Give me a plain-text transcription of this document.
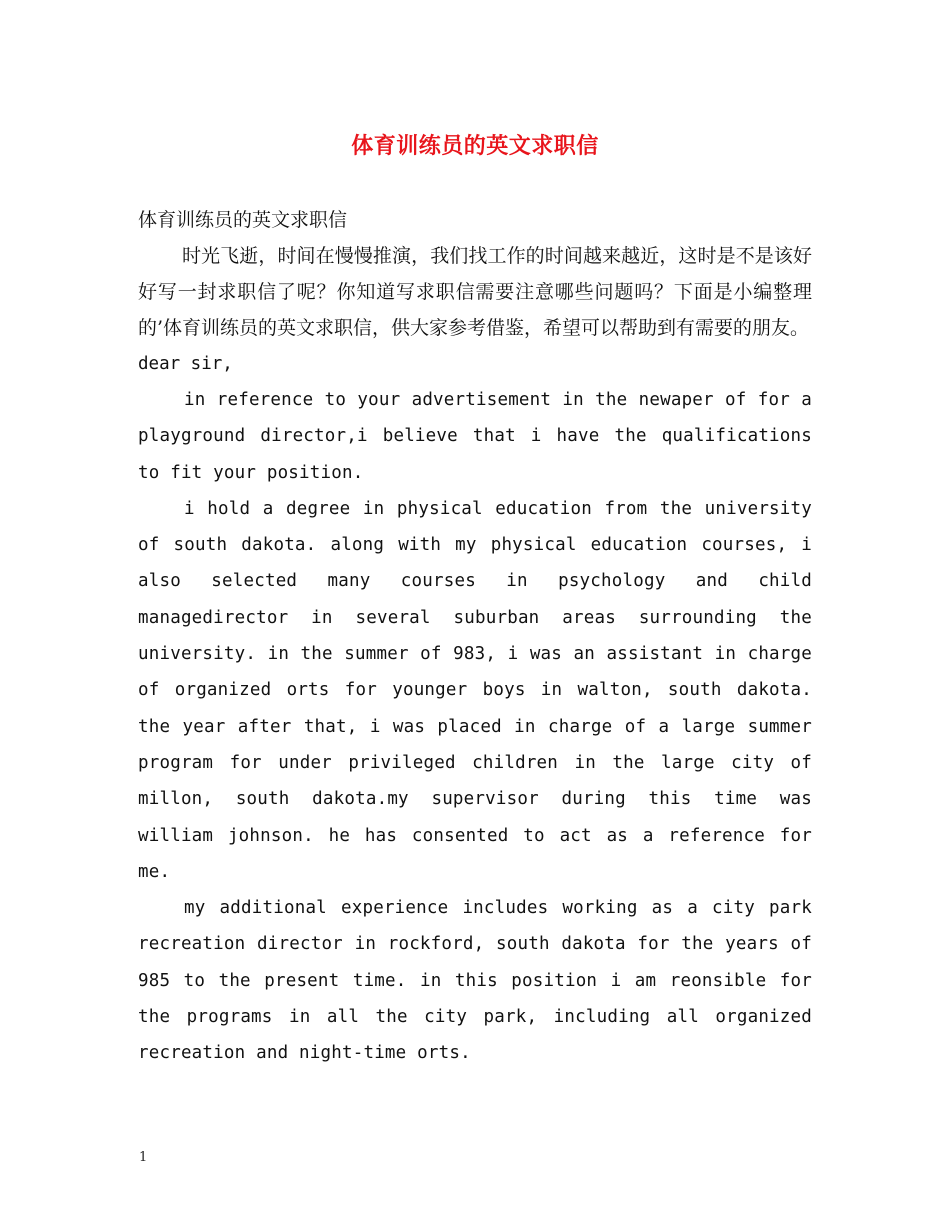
体育训练员的英文求职信

体育训练员的英文求职信

时光飞逝，时间在慢慢推演，我们找工作的时间越来越近，这时是不是该好好写一封求职信了呢？你知道写求职信需要注意哪些问题吗？下面是小编整理的’体育训练员的英文求职信，供大家参考借鉴，希望可以帮助到有需要的朋友。

dear sir,

in reference to your advertisement in the newaper of for a playground director,i believe that i have the qualifications to fit your position.

i hold a degree in physical education from the university of south dakota. along with my physical education courses, i also selected many courses in psychology and child managedirector in several suburban areas surrounding the university. in the summer of 983, i was an assistant in charge of organized orts for younger boys in walton, south dakota. the year after that, i was placed in charge of a large summer program for under privileged children in the large city of millon, south dakota.my supervisor during this time was william johnson. he has consented to act as a reference for me.

my additional experience includes working as a city park recreation director in rockford, south dakota for the years of 985 to the present time. in this position i am reonsible for the programs in all the city park, including all organized recreation and night-time orts.

1
